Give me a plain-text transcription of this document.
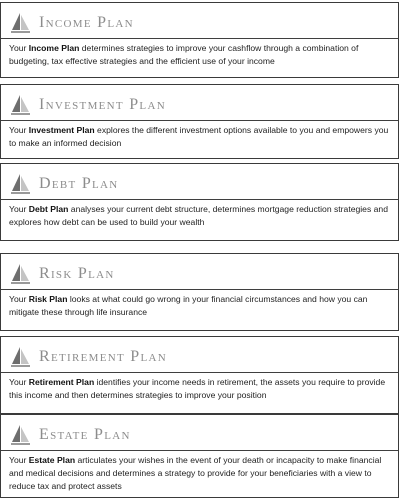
Income Plan

Your Income Plan determines strategies to improve your cashflow through a combination of budgeting, tax effective strategies and the efficient use of your income

Investment Plan

Your Investment Plan explores the different investment options available to you and empowers you to make an informed decision

Debt Plan

Your Debt Plan analyses your current debt structure, determines mortgage reduction strategies and explores how debt can be used to build your wealth

Risk Plan

Your Risk Plan looks at what could go wrong in your financial circumstances and how you can mitigate these through life insurance

Retirement Plan

Your Retirement Plan identifies your income needs in retirement, the assets you require to provide this income and then determines strategies to improve your position

Estate Plan

Your Estate Plan articulates your wishes in the event of your death or incapacity to make financial and medical decisions and determines a strategy to provide for your beneficiaries with a view to reduce tax and protect assets
